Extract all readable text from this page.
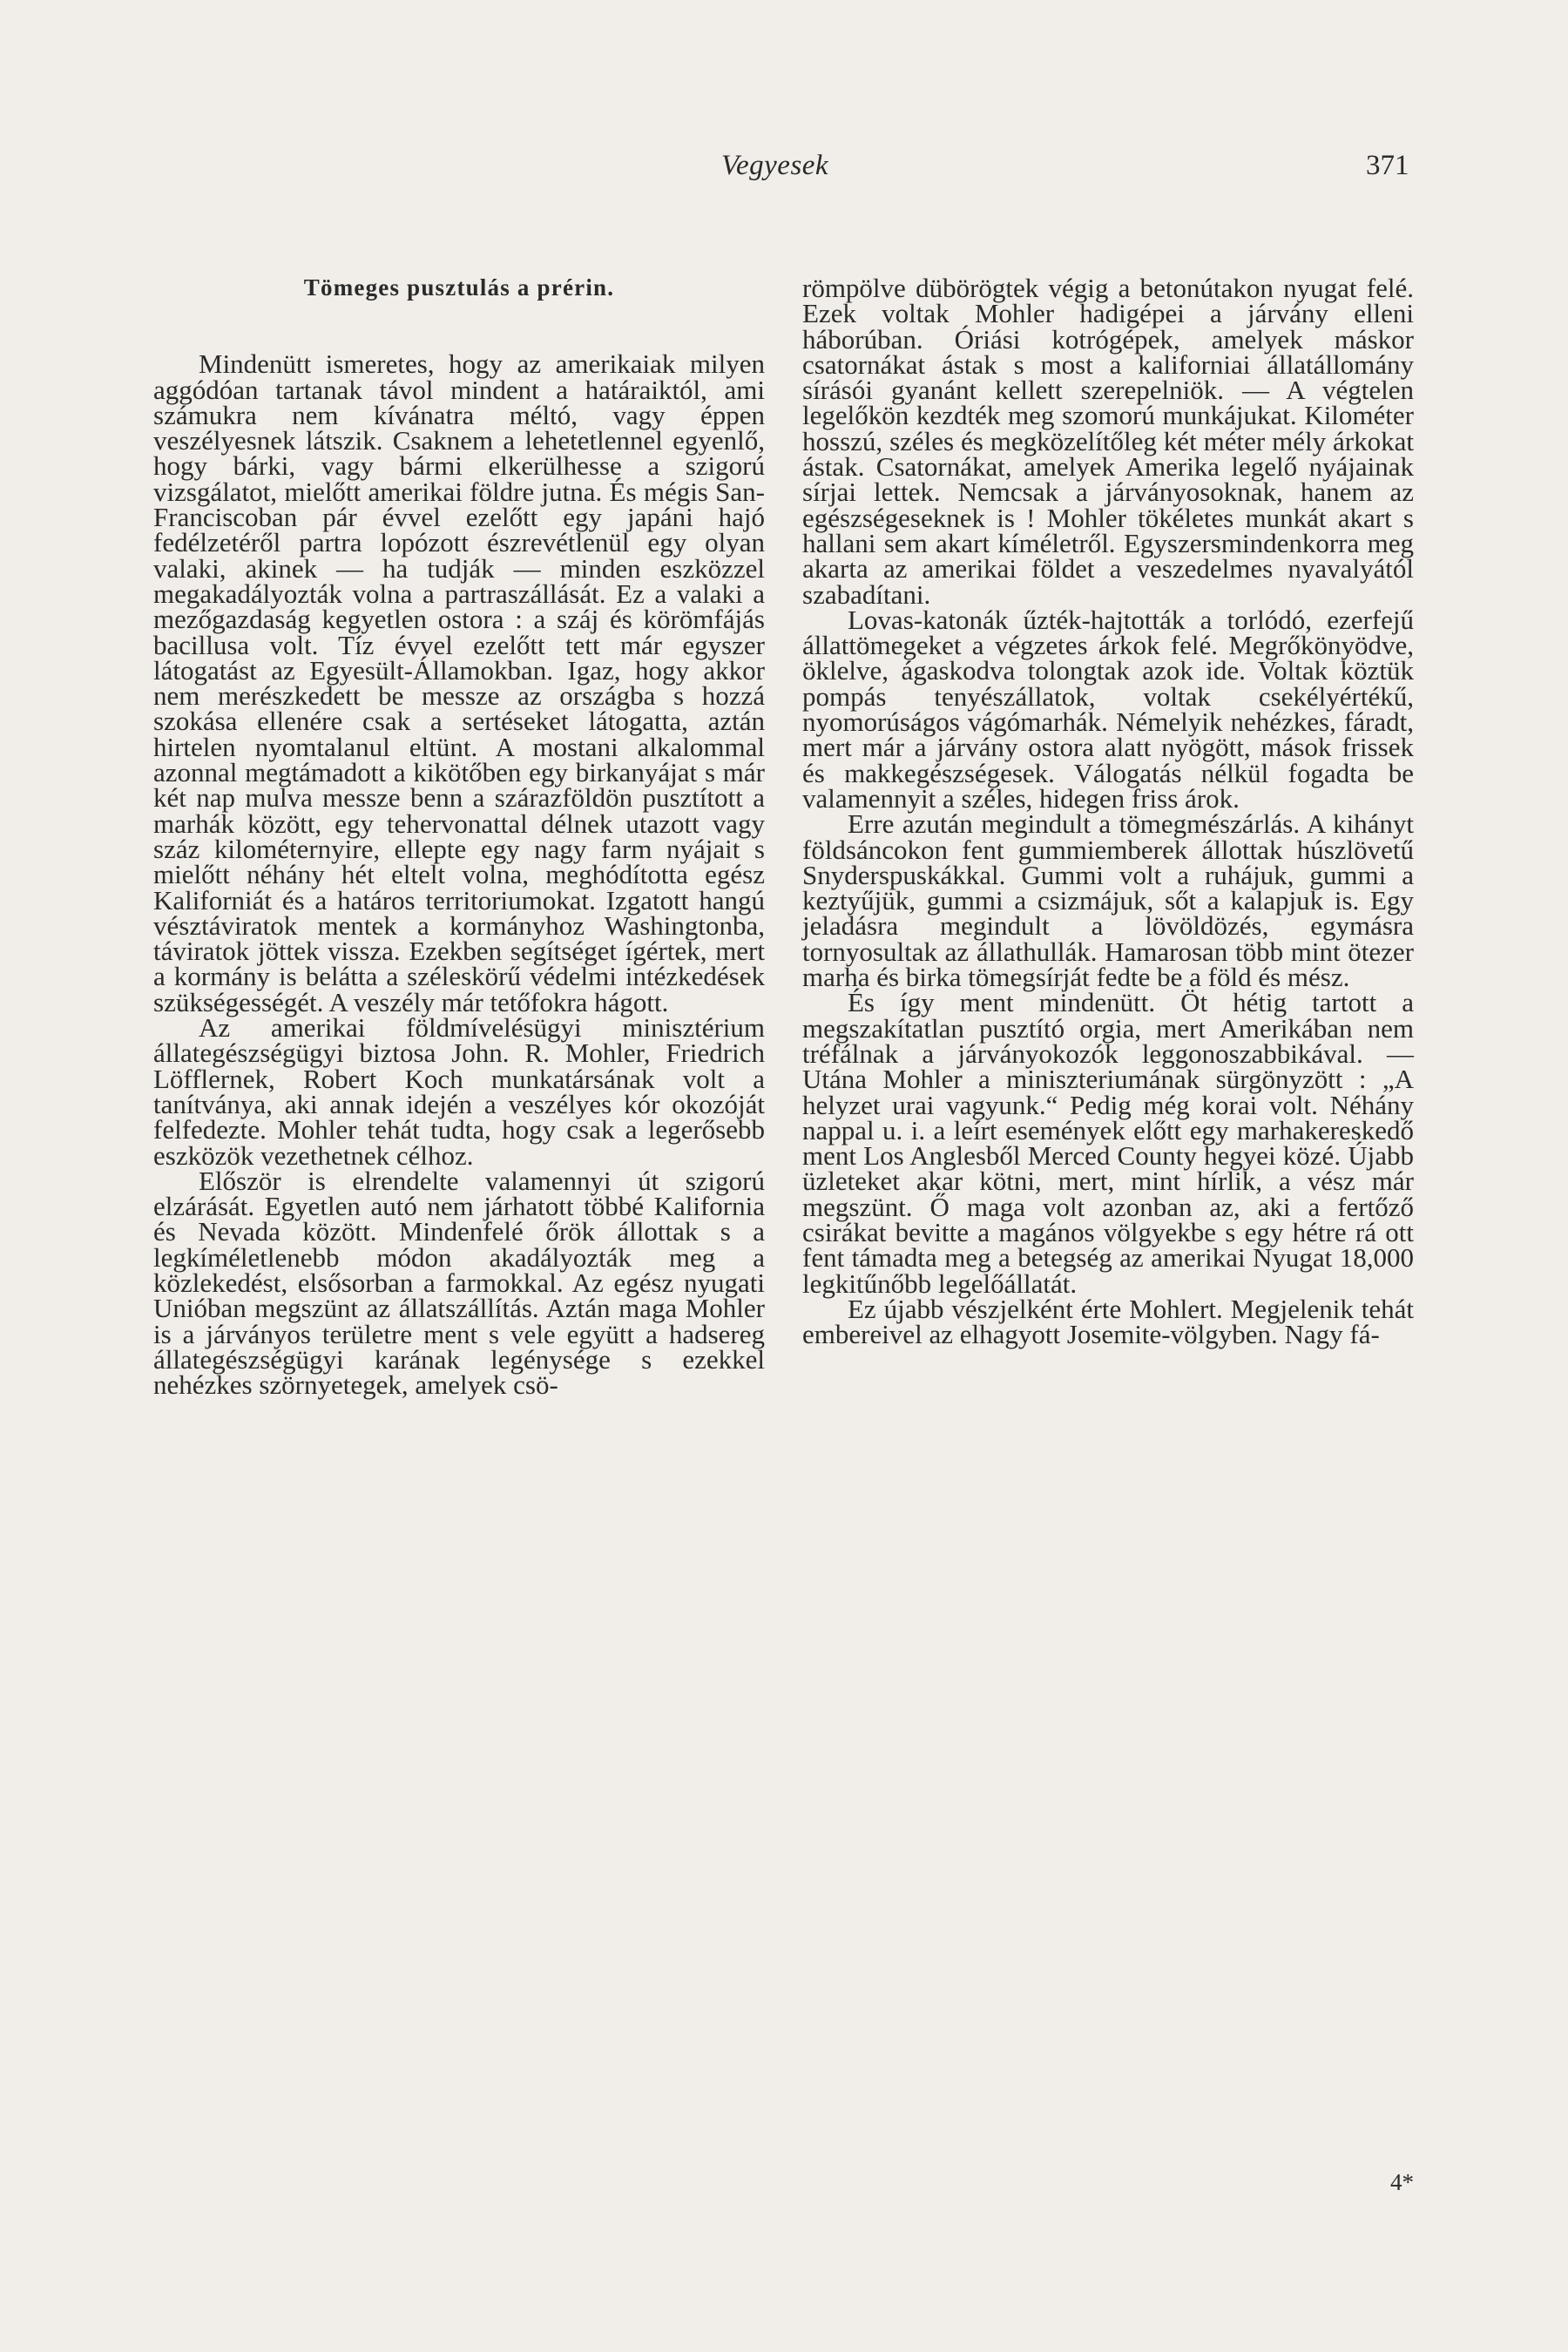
Vegyesek	371
Tömeges pusztulás a prérin.

Mindenütt ismeretes, hogy az amerikaiak milyen aggódóan tartanak távol mindent a határaiktól, ami számukra nem kívánatra méltó, vagy éppen veszélyesnek látszik. Csaknem a lehetetlennel egyenlő, hogy bárki, vagy bármi elkerülhesse a szigorú vizsgálatot, mielőtt amerikai földre jutna. És mégis San-Franciscoban pár évvel ezelőtt egy japáni hajó fedélzetéről partra lopózott észrevétlenül egy olyan valaki, akinek — ha tudják — minden eszközzel megakadályozták volna a partraszállását. Ez a valaki a mezőgazdaság kegyetlen ostora : a száj és körömfájás bacillusa volt. Tíz évvel ezelőtt tett már egyszer látogatást az Egyesült-Államokban. Igaz, hogy akkor nem merészkedett be messze az országba s hozzá szokása ellenére csak a sertéseket látogatta, aztán hirtelen nyomtalanul eltünt. A mostani alkalommal azonnal megtámadott a kikötőben egy birkanyájat s már két nap mulva messze benn a szárazföldön pusztított a marhák között, egy tehervonattal délnek utazott vagy száz kilométernyire, ellepte egy nagy farm nyájait s mielőtt néhány hét eltelt volna, meghódította egész Kaliforniát és a határos territoriumokat. Izgatott hangú vésztáviratok mentek a kormányhoz Washingtonba, táviratok jöttek vissza. Ezekben segítséget ígértek, mert a kormány is belátta a széleskörű védelmi intézkedések szükségességét. A veszély már tetőfokra hágott.

Az amerikai földmívelésügyi minisztérium állategészségügyi biztosa John. R. Mohler, Friedrich Löfflernek, Robert Koch munkatársának volt a tanítványa, aki annak idején a veszélyes kór okozóját felfedezte. Mohler tehát tudta, hogy csak a legerősebb eszközök vezethetnek célhoz.

Először is elrendelte valamennyi út szigorú elzárását. Egyetlen autó nem járhatott többé Kalifornia és Nevada között. Mindenfelé őrök állottak s a legkíméletlenebb módon akadályozták meg a közlekedést, elsősorban a farmokkal. Az egész nyugati Unióban megszünt az állatszállítás. Aztán maga Mohler is a járványos területre ment s vele együtt a hadsereg állategészségügyi karának legénysége s ezekkel nehézkes szörnyetegek, amelyek csö-

römpölve dübörögtek végig a betonútakon nyugat felé. Ezek voltak Mohler hadigépei a járvány elleni háborúban. Óriási kotrógépek, amelyek máskor csatornákat ástak s most a kaliforniai állatállomány sírásói gyanánt kellett szerepelniök. — A végtelen legelőkön kezdték meg szomorú munkájukat. Kilométer hosszú, széles és megközelítőleg két méter mély árkokat ástak. Csatornákat, amelyek Amerika legelő nyájainak sírjai lettek. Nemcsak a járványosoknak, hanem az egészségeseknek is ! Mohler tökéletes munkát akart s hallani sem akart kíméletről. Egyszersmindenkorra meg akarta az amerikai földet a veszedelmes nyavalyától szabadítani.

Lovas-katonák űzték-hajtották a torlódó, ezerfejű állattömegeket a végzetes árkok felé. Megrőkönyödve, öklelve, ágaskodva tolongtak azok ide. Voltak köztük pompás tenyészállatok, voltak csekélyértékű, nyomorúságos vágómarhák. Némelyik nehézkes, fáradt, mert már a járvány ostora alatt nyögött, mások frissek és makkegészségesek. Válogatás nélkül fogadta be valamennyit a széles, hidegen friss árok.

Erre azután megindult a tömegmészárlás. A kihányt földsáncokon fent gummiemberek állottak húszlövetű Snyderspuskákkal. Gummi volt a ruhájuk, gummi a keztyűjük, gummi a csizmájuk, sőt a kalapjuk is. Egy jeladásra megindult a lövöldözés, egymásra tornyosultak az állathullák. Hamarosan több mint ötezer marha és birka tömegsírját fedte be a föld és mész.

És így ment mindenütt. Öt hétig tartott a megszakítatlan pusztító orgia, mert Amerikában nem tréfálnak a járványokozók leggonoszabbikával. — Utána Mohler a miniszteriumának sürgönyzött : „A helyzet urai vagyunk.“ Pedig még korai volt. Néhány nappal u. i. a leírt események előtt egy marhakereskedő ment Los Anglesből Merced County hegyei közé. Újabb üzleteket akar kötni, mert, mint hírlik, a vész már megszünt. Ő maga volt azonban az, aki a fertőző csirákat bevitte a magános völgyekbe s egy hétre rá ott fent támadta meg a betegség az amerikai Nyugat 18,000 legkitűnőbb legelőállatát.

Ez újabb vészjelként érte Mohlert. Megjelenik tehát embereivel az elhagyott Josemite-völgyben. Nagy fá-

4*
